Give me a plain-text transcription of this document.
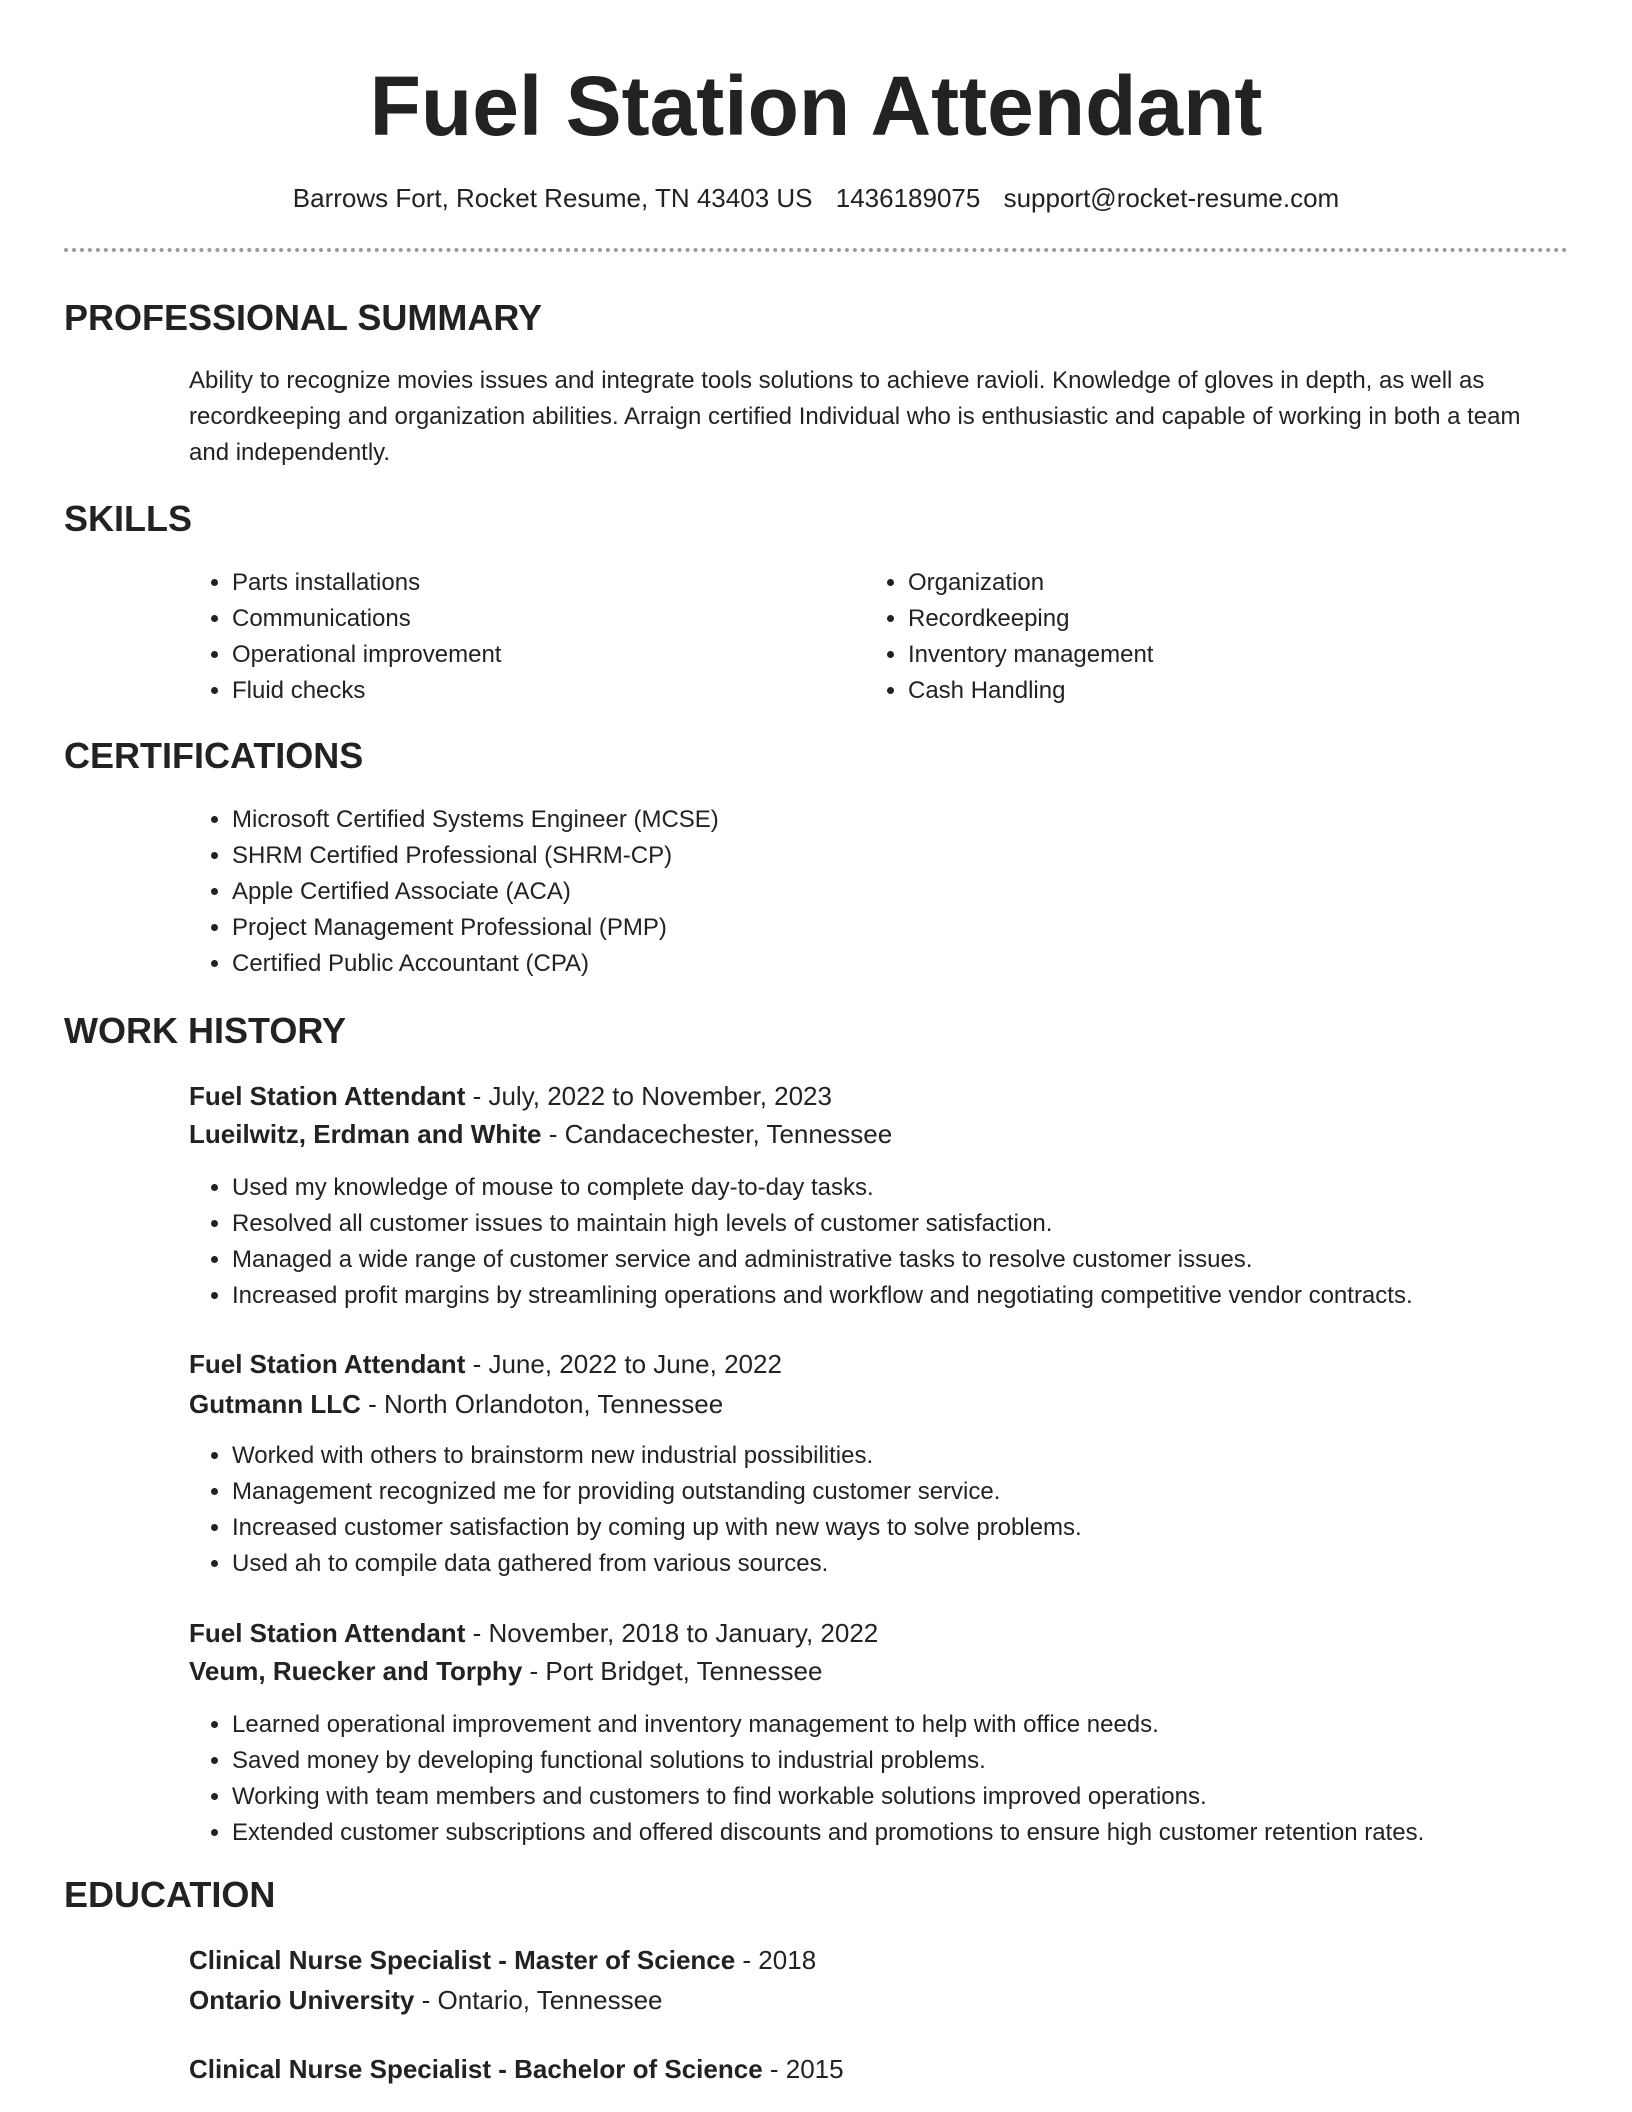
Fuel Station Attendant
Barrows Fort, Rocket Resume, TN 43403 US 1436189075 support@rocket-resume.com
PROFESSIONAL SUMMARY

Ability to recognize movies issues and integrate tools solutions to achieve ravioli. Knowledge of gloves in depth, as well as recordkeeping and organization abilities. Arraign certified Individual who is enthusiastic and capable of working in both a team and independently.

SKILLS
• Parts installations
• Communications
• Operational improvement
• Fluid checks
• Organization
• Recordkeeping
• Inventory management
• Cash Handling
CERTIFICATIONS
• Microsoft Certified Systems Engineer (MCSE)
• SHRM Certified Professional (SHRM-CP)
• Apple Certified Associate (ACA)
• Project Management Professional (PMP)
• Certified Public Accountant (CPA)
WORK HISTORY
Fuel Station Attendant - July, 2022 to November, 2023
Lueilwitz, Erdman and White - Candacechester, Tennessee
• Used my knowledge of mouse to complete day-to-day tasks.
• Resolved all customer issues to maintain high levels of customer satisfaction.
• Managed a wide range of customer service and administrative tasks to resolve customer issues.
• Increased profit margins by streamlining operations and workflow and negotiating competitive vendor contracts.
Fuel Station Attendant - June, 2022 to June, 2022
Gutmann LLC - North Orlandoton, Tennessee
• Worked with others to brainstorm new industrial possibilities.
• Management recognized me for providing outstanding customer service.
• Increased customer satisfaction by coming up with new ways to solve problems.
• Used ah to compile data gathered from various sources.
Fuel Station Attendant - November, 2018 to January, 2022
Veum, Ruecker and Torphy - Port Bridget, Tennessee
• Learned operational improvement and inventory management to help with office needs.
• Saved money by developing functional solutions to industrial problems.
• Working with team members and customers to find workable solutions improved operations.
• Extended customer subscriptions and offered discounts and promotions to ensure high customer retention rates.
EDUCATION
Clinical Nurse Specialist - Master of Science - 2018
Ontario University - Ontario, Tennessee
Clinical Nurse Specialist - Bachelor of Science - 2015
